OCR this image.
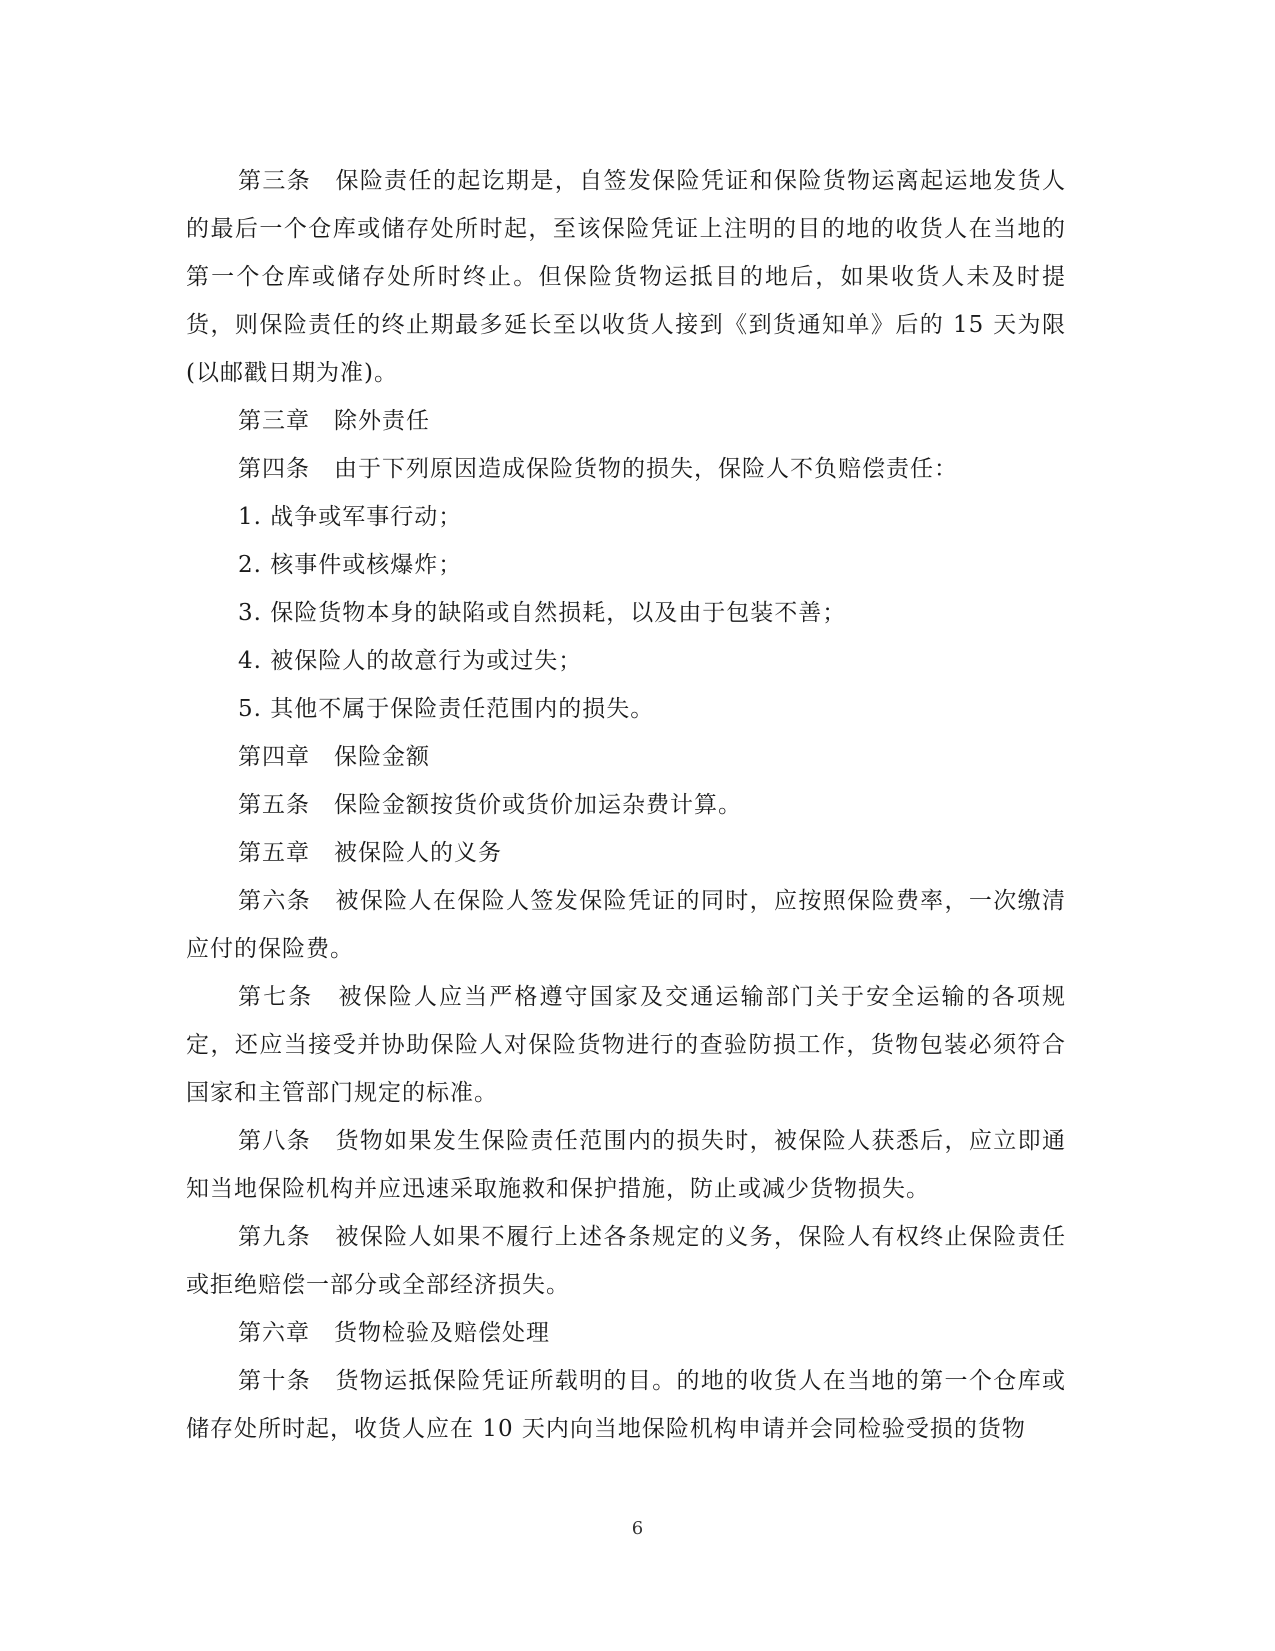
第三条　保险责任的起讫期是，自签发保险凭证和保险货物运离起运地发货人的最后一个仓库或储存处所时起，至该保险凭证上注明的目的地的收货人在当地的第一个仓库或储存处所时终止。但保险货物运抵目的地后，如果收货人未及时提货，则保险责任的终止期最多延长至以收货人接到《到货通知单》后的 15 天为限(以邮戳日期为准)。

第三章　除外责任

第四条　由于下列原因造成保险货物的损失，保险人不负赔偿责任：

1. 战争或军事行动；

2. 核事件或核爆炸；

3. 保险货物本身的缺陷或自然损耗，以及由于包装不善；

4. 被保险人的故意行为或过失；

5. 其他不属于保险责任范围内的损失。

第四章　保险金额

第五条　保险金额按货价或货价加运杂费计算。

第五章　被保险人的义务

第六条　被保险人在保险人签发保险凭证的同时，应按照保险费率，一次缴清应付的保险费。

第七条　被保险人应当严格遵守国家及交通运输部门关于安全运输的各项规定，还应当接受并协助保险人对保险货物进行的查验防损工作，货物包装必须符合国家和主管部门规定的标准。

第八条　货物如果发生保险责任范围内的损失时，被保险人获悉后，应立即通知当地保险机构并应迅速采取施救和保护措施，防止或减少货物损失。

第九条　被保险人如果不履行上述各条规定的义务，保险人有权终止保险责任或拒绝赔偿一部分或全部经济损失。

第六章　货物检验及赔偿处理

第十条　货物运抵保险凭证所载明的目。的地的收货人在当地的第一个仓库或储存处所时起，收货人应在 10 天内向当地保险机构申请并会同检验受损的货物

6
